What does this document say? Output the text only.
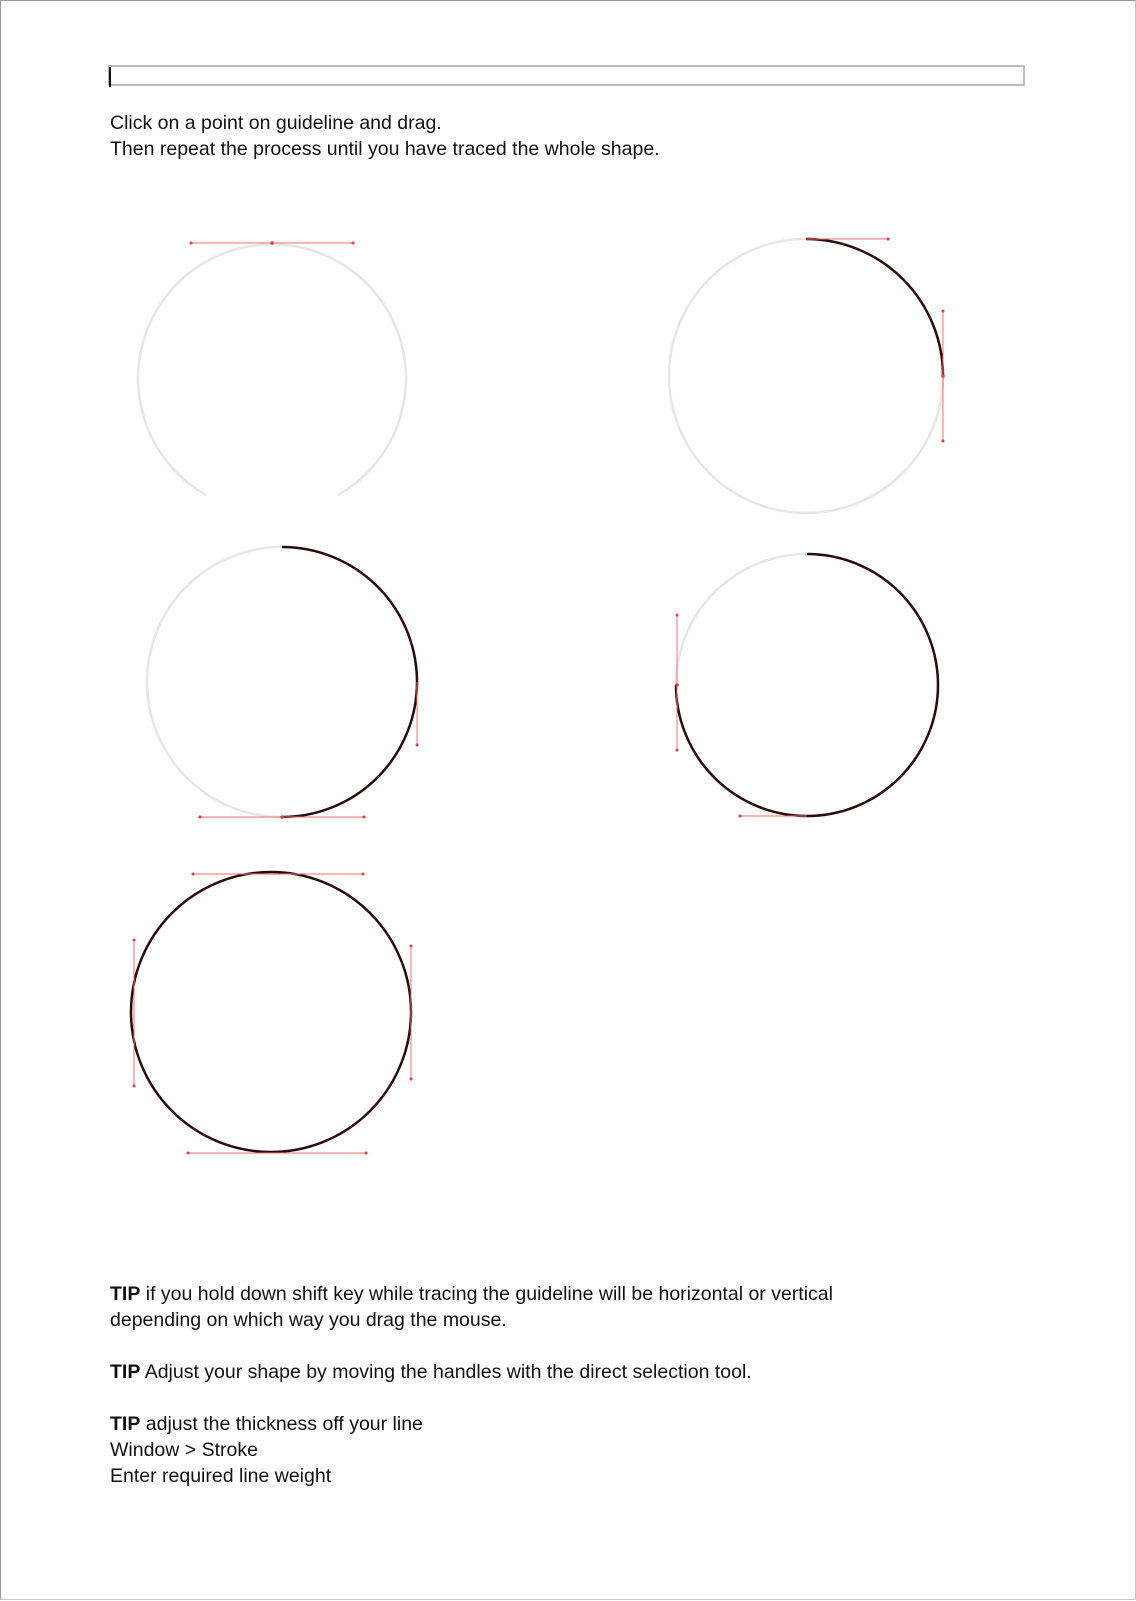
Click on a point on guideline and drag.
Then repeat the process until you have traced the whole shape.
TIP if you hold down shift key while tracing the guideline will be horizontal or vertical
depending on which way you drag the mouse.
TIP Adjust your shape by moving the handles with the direct selection tool.
TIP adjust the thickness off your line
Window > Stroke
Enter required line weight
